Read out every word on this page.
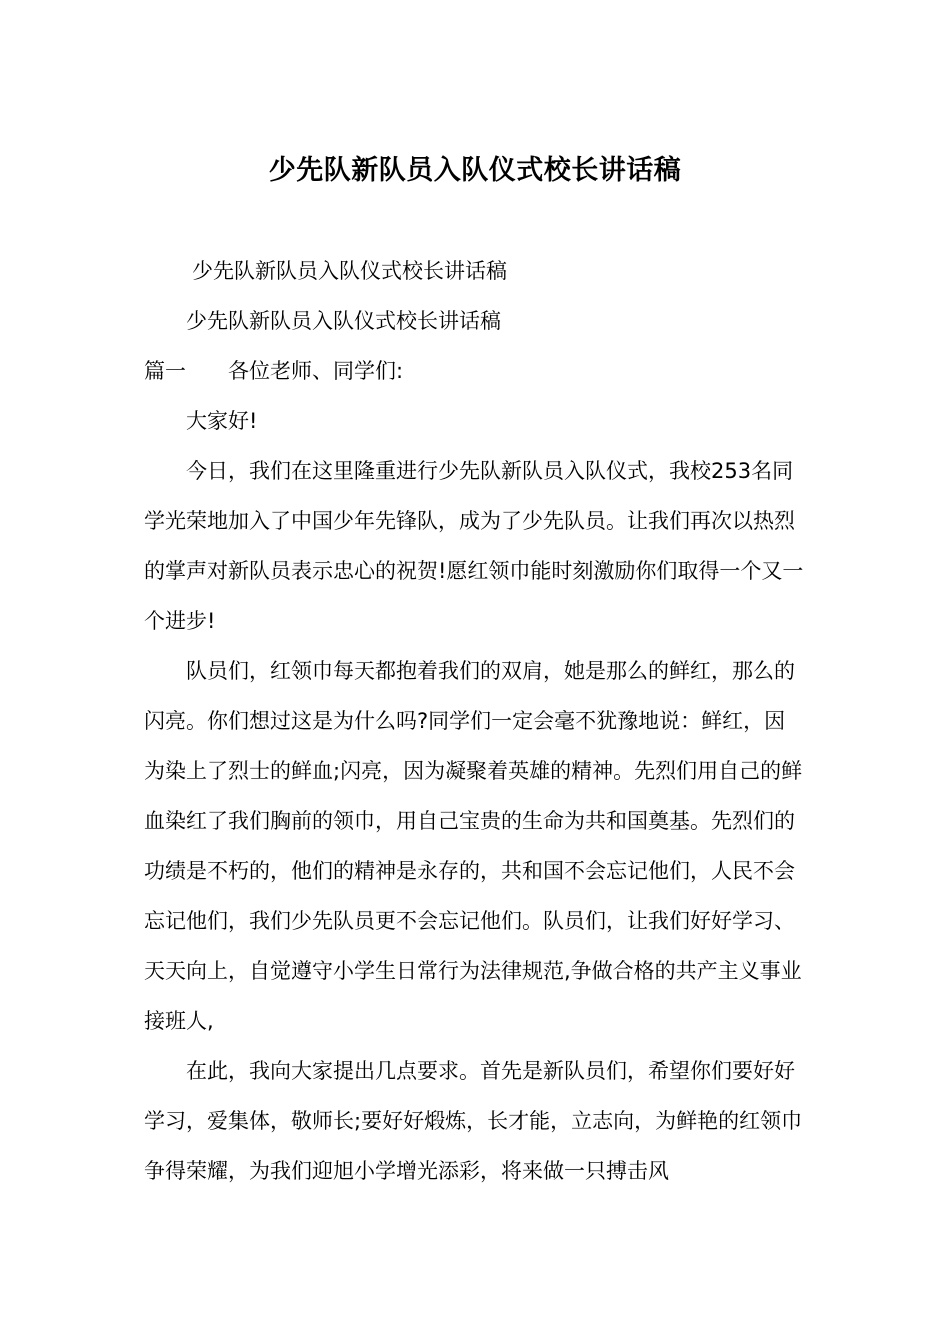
少先队新队员入队仪式校长讲话稿

少先队新队员入队仪式校长讲话稿

少先队新队员入队仪式校长讲话稿

篇一 各位老师、同学们:

大家好!

今日，我们在这里隆重进行少先队新队员入队仪式，我校253名同学光荣地加入了中国少年先锋队，成为了少先队员。让我们再次以热烈的掌声对新队员表示忠心的祝贺!愿红领巾能时刻激励你们取得一个又一个进步!

队员们，红领巾每天都抱着我们的双肩，她是那么的鲜红，那么的闪亮。你们想过这是为什么吗?同学们一定会毫不犹豫地说：鲜红，因为染上了烈士的鲜血;闪亮，因为凝聚着英雄的精神。先烈们用自己的鲜血染红了我们胸前的领巾，用自己宝贵的生命为共和国奠基。先烈们的功绩是不朽的，他们的精神是永存的，共和国不会忘记他们，人民不会忘记他们，我们少先队员更不会忘记他们。队员们，让我们好好学习、天天向上，自觉遵守小学生日常行为法律规范,争做合格的共产主义事业接班人,

在此，我向大家提出几点要求。首先是新队员们，希望你们要好好学习，爱集体，敬师长;要好好煅炼，长才能，立志向，为鲜艳的红领巾争得荣耀，为我们迎旭小学增光添彩，将来做一只搏击风
